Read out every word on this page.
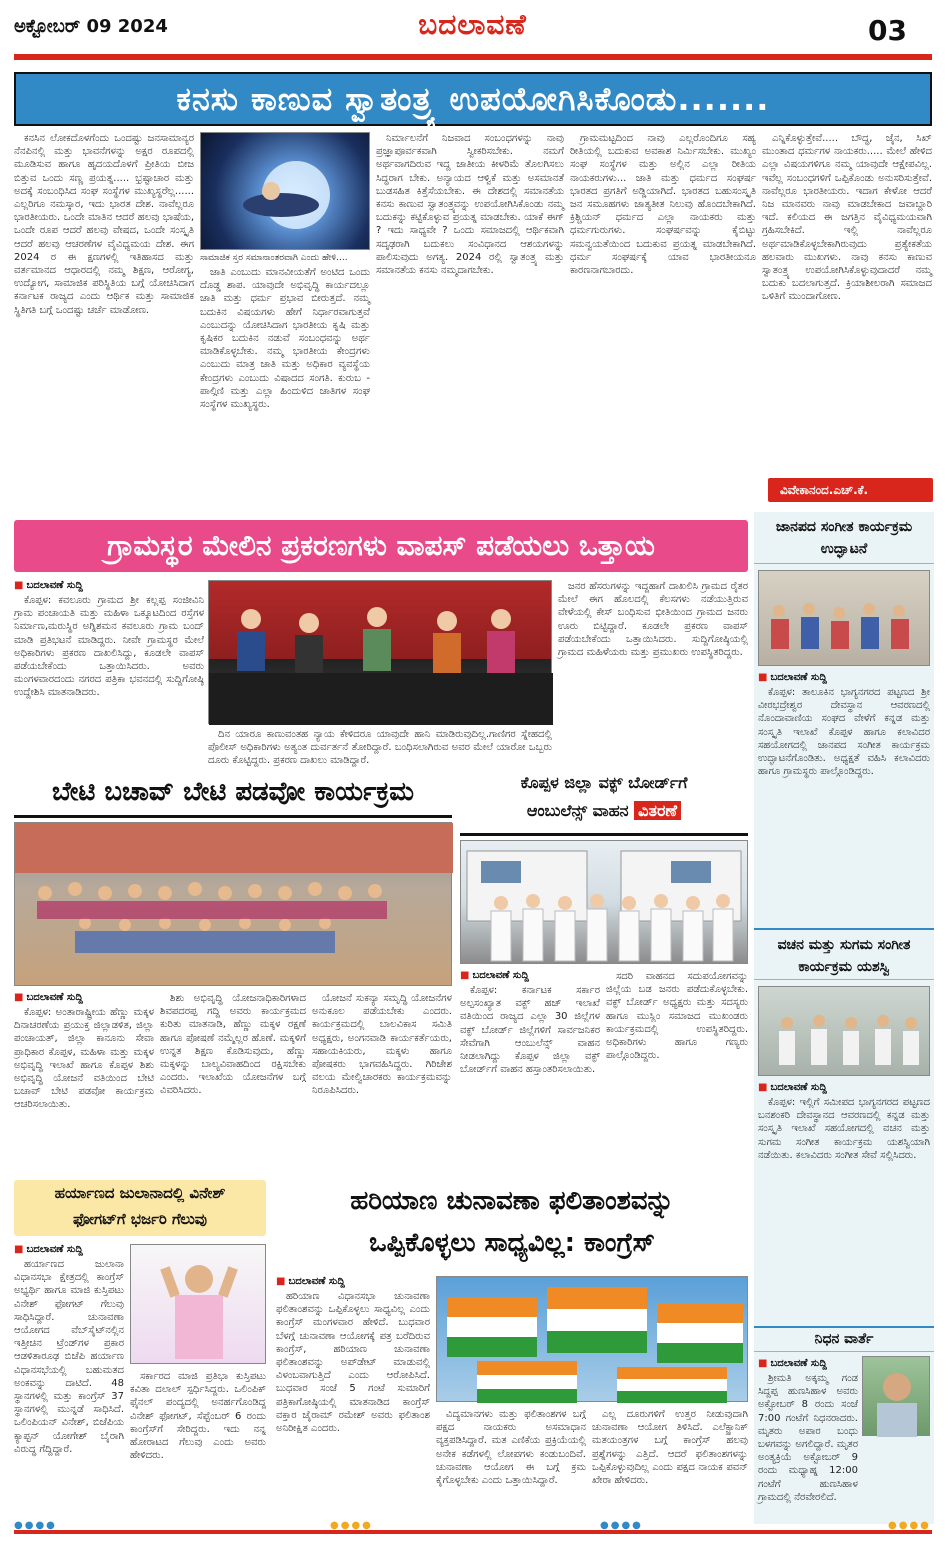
ಅಕ್ಟೋಬರ್ 09 2024	ಬದಲಾವಣೆ	03
ಕನಸು ಕಾಣುವ ಸ್ವಾತಂತ್ರ್ಯ ಉಪಯೋಗಿಸಿಕೊಂಡು.......

ಕನಸಿನ ಲೋಕದೊಳಗೆಂದು ಒಂದಷ್ಟು ಜನಸಾಮಾನ್ಯರ ನೆನಪಿನಲ್ಲಿ ಮತ್ತು ಭಾವನೆಗಳನ್ನು ಅಕ್ಷರ ರೂಪದಲ್ಲಿ ಮೂಡಿಸುವ ಹಾಗೂ ಹೃದಯದೊಳಗೆ ಪ್ರೀತಿಯ ಬೀಜ ಬಿತ್ತುವ ಒಂದು ಸಣ್ಣ ಪ್ರಯತ್ನ..... ಭ್ರಷ್ಟಾಚಾರ ಮತ್ತು ಅದಕ್ಕೆ ಸಂಬಂಧಿಸಿದ ಸಂಘ ಸಂಸ್ಥೆಗಳ ಮುಖ್ಯಸ್ಥರೆಲ್ಲ...... ಎಲ್ಲರಿಗೂ ನಮಸ್ಕಾರ, ಇದು ಭಾರತ ದೇಶ. ನಾವೆಲ್ಲರೂ ಭಾರತೀಯರು. ಒಂದೇ ಮಾತಿನ ಆದರೆ ಹಲವು ಭಾಷೆಯ, ಒಂದೇ ರೂಪ ಆದರೆ ಹಲವು ವೇಷದ, ಒಂದೇ ಸಂಸ್ಕೃತಿ ಆದರೆ ಹಲವು ಆಚರಣೆಗಳ ವೈವಿಧ್ಯಮಯ ದೇಶ. ಈಗ 2024 ರ ಈ ಕ್ಷಣಗಳಲ್ಲಿ ಇತಿಹಾಸದ ಮತ್ತು ವರ್ತಮಾನದ ಆಧಾರದಲ್ಲಿ ನಮ್ಮ ಶಿಕ್ಷಣ, ಆರೋಗ್ಯ, ಉದ್ಯೋಗ, ಸಾಮಾಜಿಕ ಪರಿಸ್ಥಿತಿಯ ಬಗ್ಗೆ ಯೋಚಿಸಿದಾಗ ಕರ್ನಾಟಕ ರಾಜ್ಯದ ಎಂದು ಆರ್ಥಿಕ ಮತ್ತು ಸಾಮಾಜಿಕ ಸ್ಥಿತಿಗತಿ ಬಗ್ಗೆ ಒಂದಷ್ಟು ಚರ್ಚೆ ಮಾಡೋಣ.

ಸಾಮಾಜಿಕ ಸ್ತರ ಸಮಾನಾಂತರವಾಗಿ ಎಂದು ಹೇಳಿ....

ಜಾತಿ ಎಂಬುದು ಮಾನವೀಯತೆಗೆ ಅಂಟಿದ ಒಂದು ದೊಡ್ಡ ಶಾಪ. ಯಾವುದೇ ಅಭಿವೃದ್ಧಿ ಕಾರ್ಯದಲ್ಲೂ ಜಾತಿ ಮತ್ತು ಧರ್ಮ ಪ್ರಭಾವ ಬೀರುತ್ತದೆ. ನಮ್ಮ ಬದುಕಿನ ವಿಷಯಗಳು ಹೇಗೆ ನಿರ್ಧಾರವಾಗುತ್ತವೆ ಎಂಬುದನ್ನು ಯೋಚಿಸಿದಾಗ ಭಾರತೀಯ ಕೃಷಿ ಮತ್ತು ಕೃಷಿಕರ ಬದುಕಿನ ನಡುವೆ ಸಂಬಂಧವನ್ನು ಅರ್ಥ ಮಾಡಿಕೊಳ್ಳಬೇಕು. ನಮ್ಮ ಭಾರತೀಯ ಕೇಂದ್ರಗಳು ಎಂಬುದು ಮಾತ್ರ ಜಾತಿ ಮತ್ತು ಅಧಿಕಾರ ವ್ಯವಸ್ಥೆಯ ಕೇಂದ್ರಗಳು ಎಂಬುದು ವಿಷಾದದ ಸಂಗತಿ. ಕುರುಬ - ಪಾಲ್ಗಿಣಿ ಮತ್ತು ಎಲ್ಲಾ ಹಿಂದುಳಿದ ಜಾತಿಗಳ ಸಂಘ ಸಂಸ್ಥೆಗಳ ಮುಖ್ಯಸ್ಥರು.

ನಿರ್ಮಾಲನೆಗೆ ನಿಜವಾದ ಸಂಬಂಧಗಳನ್ನು ನಾವು ಪ್ರಜ್ಞಾಪೂರ್ವಕವಾಗಿ ಸ್ವೀಕರಿಸಬೇಕು. ನಮಗೆ ಅರ್ಥವಾಗದಿರುವ ಇದ್ದ ಜಾತೀಯ ಕೀಳರಿಮೆ ತೊಲಗಿಸಲು ಸಿದ್ಧರಾಗ ಬೇಕು. ಅನ್ಯಾಯದ ಆಳ್ವಿಕೆ ಮತ್ತು ಅಸಮಾನತೆ ಬುಡಸಹಿತ ಕಿತ್ತೆಸೆಯಬೇಕು. ಈ ದೇಶದಲ್ಲಿ ಸಮಾನತೆಯ ಕನಸು ಕಾಣುವ ಸ್ವಾತಂತ್ರ್ಯವನ್ನು ಉಪಯೋಗಿಸಿಕೊಂಡು ನಮ್ಮ ಬದುಕನ್ನು ಕಟ್ಟಿಕೊಳ್ಳುವ ಪ್ರಯತ್ನ ಮಾಡಬೇಕು. ಯಾಕೆ ಈಗ್ ? ಇದು ಸಾಧ್ಯವೇ ? ಒಂದು ಸಮಾಜದಲ್ಲಿ ಆರ್ಥಿಕವಾಗಿ ಸದೃಢರಾಗಿ ಬದುಕಲು ಸಂವಿಧಾನದ ಆಶಯಗಳನ್ನು ಪಾಲಿಸುವುದು ಅಗತ್ಯ. 2024 ರಲ್ಲಿ ಸ್ವಾತಂತ್ರ್ಯ ಮತ್ತು ಸಮಾನತೆಯ ಕನಸು ನಮ್ಮದಾಗಬೇಕು.

ಗ್ರಾಮಮಟ್ಟದಿಂದ ನಾವು ಎಲ್ಲರೊಂದಿಗೂ ಸಹ್ಯ ರೀತಿಯಲ್ಲಿ ಬದುಕುವ ಅವಕಾಶ ನಿರ್ಮಿಸಬೇಕು. ಮುಖ್ಯಂ ಸಂಘ ಸಂಸ್ಥೆಗಳ ಮತ್ತು ಅಲ್ಲಿನ ಎಲ್ಲಾ ರೀತಿಯ ನಾಯಕರುಗಳು... ಜಾತಿ ಮತ್ತು ಧರ್ಮದ ಸಂಘರ್ಷ ಭಾರತದ ಪ್ರಗತಿಗೆ ಅಡ್ಡಿಯಾಗಿದೆ. ಭಾರತದ ಬಹುಸಂಸ್ಕೃತಿ ಜನ ಸಮೂಹಗಳು ಜಾತ್ಯತೀತ ನಿಲುವು ಹೊಂದಬೇಕಾಗಿದೆ. ಕ್ರಿಶ್ಚಿಯನ್ ಧರ್ಮದ ಎಲ್ಲಾ ನಾಯಕರು ಮತ್ತು ಧರ್ಮಗುರುಗಳು. ಸಂಘರ್ಷವನ್ನು ಕೈಬಿಟ್ಟು ಸಮನ್ವಯತೆಯಿಂದ ಬದುಕುವ ಪ್ರಯತ್ನ ಮಾಡಬೇಕಾಗಿದೆ. ಧರ್ಮ ಸಂಘರ್ಷಕ್ಕೆ ಯಾವ ಭಾರತೀಯನೂ ಕಾರಣನಾಗಬಾರದು.

ಎನ್ನಿಕೊಳ್ಳುತ್ತೇವೆ..... ಬೌದ್ಧ, ಜೈನ, ಸಿಖ್ ಮುಂತಾದ ಧರ್ಮಗಳ ನಾಯಕರು..... ಮೇಲೆ ಹೇಳಿದ ಎಲ್ಲಾ ವಿಷಯಗಳಿಗೂ ನಮ್ಮ ಯಾವುದೇ ಆಕ್ಷೇಪವಿಲ್ಲ. ಇವೆಲ್ಲ ಸಂಬಂಧಗಳಿಗೆ ಒಪ್ಪಿಕೊಂಡು ಅನುಸರಿಸುತ್ತೇವೆ. ನಾವೆಲ್ಲರೂ ಭಾರತೀಯರು. ಇದಾಗ ಕೇಳೋ ಆದರೆ ನಿಜ ಮಾನವರು ನಾವು ಮಾಡಬೇಕಾದ ಜವಾಬ್ದಾರಿ ಇದೆ. ಕಲಿಯದ ಈ ಜಗತ್ತಿನ ವೈವಿಧ್ಯಮಯವಾಗಿ ಗ್ರಹಿಸಬೇಕಿದೆ. ಇಲ್ಲಿ ನಾವೆಲ್ಲರೂ ಅರ್ಥಮಾಡಿಕೊಳ್ಳಬೇಕಾಗಿರುವುದು ಪ್ರತ್ಯೇಕತೆಯ ಹಲವಾರು ಮುಖಗಳು. ನಾವು ಕನಸು ಕಾಣುವ ಸ್ವಾತಂತ್ರ್ಯ ಉಪಯೋಗಿಸಿಕೊಳ್ಳುವುದಾದರೆ ನಮ್ಮ ಬದುಕು ಬದಲಾಗುತ್ತದೆ. ಕ್ರಿಯಾಶೀಲರಾಗಿ ಸಮಾಜದ ಒಳಿತಿಗೆ ಮುಂದಾಗೋಣ.

ವಿವೇಕಾನಂದ.ಎಚ್.ಕೆ.
ಗ್ರಾಮಸ್ಥರ ಮೇಲಿನ ಪ್ರಕರಣಗಳು ವಾಪಸ್ ಪಡೆಯಲು ಒತ್ತಾಯ
■ ಬದಲಾವಣೆ ಸುದ್ದಿ

ಕೊಪ್ಪಳ: ಕವಲೂರು ಗ್ರಾಮದ ಶ್ರೀ ಕಲ್ಲಪ್ಪ ಸಂಜೀವಿನಿ ಗ್ರಾಮ ಪಂಚಾಯತಿ ಮತ್ತು ಮಹಿಳಾ ಒಕ್ಕೂಟದಿಂದ ರಸ್ತೆಗಳ ನಿರ್ಮಾಣ,ಮರುಸ್ಥಿರ ಅಗ್ನಿಶಮನ ಕವಲೂರು ಗ್ರಾಮ ಬಂದ್ ಮಾಡಿ ಪ್ರತಿಭಟನೆ ಮಾಡಿದ್ದರು. ನೀವೇ ಗ್ರಾಮಸ್ಥರ ಮೇಲೆ ಅಧಿಕಾರಿಗಳು ಪ್ರಕರಣ ದಾಖಲಿಸಿದ್ದು, ಕೂಡಲೇ ವಾಪಸ್ ಪಡೆಯಬೇಕೆಂದು ಒತ್ತಾಯಿಸಿದರು. ಅವರು ಮಂಗಳವಾರದಂದು ನಗರದ ಪತ್ರಿಕಾ ಭವನದಲ್ಲಿ ಸುದ್ದಿಗೋಷ್ಠಿ ಉದ್ದೇಶಿಸಿ ಮಾತನಾಡಿದರು.

ದಿನ ಯಾರೂ ಕಾಣುವಂತಹ ನ್ಯಾಯ ಕೇಳಿದರೂ ಯಾವುದೇ ಹಾನಿ ಮಾಡಿರುವುದಿಲ್ಲ.ಗಾಣಿಗರ ಸ್ನೇಹದಲ್ಲಿ ಪೊಲೀಸ್ ಅಧಿಕಾರಿಗಳು ಅತ್ಯಂತ ದುರ್ವರ್ತನೆ ತೋರಿದ್ದಾರೆ. ಬಂಧಿಸಲಾಗಿರುವ ಅವರ ಮೇಲೆ ಯಾರೋ ಒಬ್ಬರು ದೂರು ಕೊಟ್ಟಿದ್ದರು. ಪ್ರಕರಣ ದಾಖಲು ಮಾಡಿದ್ದಾರೆ.

ಜನರ ಹೆಸರುಗಳನ್ನು ಇದ್ದಹಾಗೆ ದಾಖಲಿಸಿ ಗ್ರಾಮದ ರೈತರ ಮೇಲೆ ಈಗ ಹೊಲದಲ್ಲಿ ಕೆಲಸಗಳು ನಡೆಯುತ್ತಿರುವ ವೇಳೆಯಲ್ಲಿ ಕೇಸ್ ಬಂಧಿಸುವ ಭೀತಿಯಿಂದ ಗ್ರಾಮದ ಜನರು ಊರು ಬಿಟ್ಟಿದ್ದಾರೆ. ಕೂಡಲೇ ಪ್ರಕರಣ ವಾಪಸ್ ಪಡೆಯಬೇಕೆಂದು ಒತ್ತಾಯಿಸಿದರು. ಸುದ್ದಿಗೋಷ್ಠಿಯಲ್ಲಿ ಗ್ರಾಮದ ಮಹಿಳೆಯರು ಮತ್ತು ಪ್ರಮುಖರು ಉಪಸ್ಥಿತರಿದ್ದರು.

ಬೇಟಿ ಬಚಾವ್ ಬೇಟಿ ಪಡವೋ ಕಾರ್ಯಕ್ರಮ
■ ಬದಲಾವಣೆ ಸುದ್ದಿ

ಕೊಪ್ಪಳ: ಅಂತಾರಾಷ್ಟ್ರೀಯ ಹೆಣ್ಣು ಮಕ್ಕಳ ದಿನಾಚರಣೆಯ ಪ್ರಯುಕ್ತ ಜಿಲ್ಲಾಡಳಿತ, ಜಿಲ್ಲಾ ಪಂಚಾಯತ್, ಜಿಲ್ಲಾ ಕಾನೂನು ಸೇವಾ ಪ್ರಾಧಿಕಾರ ಕೊಪ್ಪಳ, ಮಹಿಳಾ ಮತ್ತು ಮಕ್ಕಳ ಅಭಿವೃದ್ಧಿ ಇಲಾಖೆ ಹಾಗೂ ಕೊಪ್ಪಳ ಶಿಶು ಅಭಿವೃದ್ಧಿ ಯೋಜನೆ ವತಿಯಿಂದ ಬೇಟಿ ಬಚಾವ್ ಬೇಟಿ ಪಡವೋ ಕಾರ್ಯಕ್ರಮ ಆಚರಿಸಲಾಯಿತು.

ಶಿಶು ಅಭಿವೃದ್ಧಿ ಯೋಜನಾಧಿಕಾರಿಗಳಾದ ಶಿವಪದರಪ್ಪ ಗದ್ದಿ ಅವರು ಕಾರ್ಯಕ್ರಮದ ಕುರಿತು ಮಾತನಾಡಿ, ಹೆಣ್ಣು ಮಕ್ಕಳ ರಕ್ಷಣೆ ಹಾಗೂ ಪೋಷಣೆ ನಮ್ಮೆಲ್ಲರ ಹೊಣೆ. ಮಕ್ಕಳಿಗೆ ಉನ್ನತ ಶಿಕ್ಷಣ ಕೊಡಿಸುವುದು, ಹೆಣ್ಣು ಮಕ್ಕಳನ್ನು ಬಾಲ್ಯವಿವಾಹದಿಂದ ರಕ್ಷಿಸಬೇಕು ಎಂದರು. ಇಲಾಖೆಯ ಯೋಜನೆಗಳ ಬಗ್ಗೆ ವಿವರಿಸಿದರು.

ಯೋಜನೆ ಸುಕನ್ಯಾ ಸಮೃದ್ಧಿ ಯೋಜನೆಗಳ ಅನುಕೂಲ ಪಡೆಯಬೇಕು ಎಂದರು. ಕಾರ್ಯಕ್ರಮದಲ್ಲಿ ಬಾಲವಿಕಾಸ ಸಮಿತಿ ಅಧ್ಯಕ್ಷರು, ಅಂಗನವಾಡಿ ಕಾರ್ಯಕರ್ತೆಯರು, ಸಹಾಯಕಿಯರು, ಮಕ್ಕಳು ಹಾಗೂ ಪೋಷಕರು ಭಾಗವಹಿಸಿದ್ದರು. ಗಿರಿಜೇಶ ವಲಯ ಮೇಲ್ವಿಚಾರಕರು ಕಾರ್ಯಕ್ರಮವನ್ನು ನಿರೂಪಿಸಿದರು.

ಕೊಪ್ಪಳ ಜಿಲ್ಲಾ ವಕ್ಫ್ ಬೋರ್ಡ್‌ಗೆ
ಆಂಬುಲೆನ್ಸ್ ವಾಹನ ವಿತರಣೆ
■ ಬದಲಾವಣೆ ಸುದ್ದಿ

ಕೊಪ್ಪಳ: ಕರ್ನಾಟಕ ಸರ್ಕಾರ ಅಲ್ಪಸಂಖ್ಯಾತ ವಕ್ಫ್ ಹಜ್ ಇಲಾಖೆ ವತಿಯಿಂದ ರಾಜ್ಯದ ಎಲ್ಲಾ 30 ಜಿಲ್ಲೆಗಳ ವಕ್ಫ್ ಬೋರ್ಡ್ ಜಿಲ್ಲೆಗಳಿಗೆ ಸಾರ್ವಜನಿಕರ ಸೇವೆಗಾಗಿ ಆಂಬುಲೆನ್ಸ್ ವಾಹನ ನೀಡಲಾಗಿದ್ದು ಕೊಪ್ಪಳ ಜಿಲ್ಲಾ ವಕ್ಫ್ ಬೋರ್ಡ್‌ಗೆ ವಾಹನ ಹಸ್ತಾಂತರಿಸಲಾಯಿತು.

ಸದರಿ ವಾಹನದ ಸದುಪಯೋಗವನ್ನು ಜಿಲ್ಲೆಯ ಬಡ ಜನರು ಪಡೆದುಕೊಳ್ಳಬೇಕು. ವಕ್ಫ್ ಬೋರ್ಡ್ ಅಧ್ಯಕ್ಷರು ಮತ್ತು ಸದಸ್ಯರು ಹಾಗೂ ಮುಸ್ಲಿಂ ಸಮಾಜದ ಮುಖಂಡರು ಕಾರ್ಯಕ್ರಮದಲ್ಲಿ ಉಪಸ್ಥಿತರಿದ್ದರು. ಅಧಿಕಾರಿಗಳು ಹಾಗೂ ಗಣ್ಯರು ಪಾಲ್ಗೊಂಡಿದ್ದರು.

ಹರ್ಯಾಣದ ಜುಲಾನಾದಲ್ಲಿ ವಿನೇಶ್
ಫೋಗಟ್‌ಗೆ ಭರ್ಜರಿ ಗೆಲುವು
■ ಬದಲಾವಣೆ ಸುದ್ದಿ

ಹರ್ಯಾಣದ ಜುಲಾನಾ ವಿಧಾನಸಭಾ ಕ್ಷೇತ್ರದಲ್ಲಿ ಕಾಂಗ್ರೆಸ್ ಅಭ್ಯರ್ಥಿ ಹಾಗೂ ಮಾಜಿ ಕುಸ್ತಿಪಟು ವಿನೇಶ್ ಫೋಗಟ್ ಗೆಲುವು ಸಾಧಿಸಿದ್ದಾರೆ. ಚುನಾವಣಾ ಆಯೋಗದ ವೆಬ್‌ಸೈಟ್‌ನಲ್ಲಿನ ಇತ್ತೀಚಿನ ಟ್ರೆಂಡ್‌ಗಳ ಪ್ರಕಾರ ಆಡಳಿತಾರೂಢ ಬಿಜೆಪಿ ಹರ್ಯಾಣ ವಿಧಾನಸಭೆಯಲ್ಲಿ ಬಹುಮತದ ಅಂಕವನ್ನು ದಾಟಿದೆ. 48 ಸ್ಥಾನಗಳಲ್ಲಿ ಮತ್ತು ಕಾಂಗ್ರೆಸ್ 37 ಸ್ಥಾನಗಳಲ್ಲಿ ಮುನ್ನಡೆ ಸಾಧಿಸಿದೆ. ಒಲಿಂಪಿಯನ್ ವಿನೇಶ್, ಬಿಜೆಪಿಯ ಕ್ಯಾಪ್ಟನ್ ಯೋಗೇಶ್ ಬೈರಾಗಿ ವಿರುದ್ಧ ಗೆದ್ದಿದ್ದಾರೆ.

ಸರ್ಕಾರದ ಮಾಜಿ ಪ್ರತಿಭಾ ಕುಸ್ತಿಪಟು ಕವಿತಾ ದಲಾಲ್ ಸ್ಪರ್ಧಿಸಿದ್ದರು. ಒಲಿಂಪಿಕ್ ಫೈನಲ್ ಪಂದ್ಯದಲ್ಲಿ ಅನರ್ಹಗೊಂಡಿದ್ದ ವಿನೇಶ್ ಫೋಗಟ್, ಸೆಪ್ಟೆಂಬರ್ 6 ರಂದು ಕಾಂಗ್ರೆಸ್‌ಗೆ ಸೇರಿದ್ದರು. ಇದು ನನ್ನ ಹೋರಾಟದ ಗೆಲುವು ಎಂದು ಅವರು ಹೇಳಿದರು.

ಹರಿಯಾಣ ಚುನಾವಣಾ ಫಲಿತಾಂಶವನ್ನು
ಒಪ್ಪಿಕೊಳ್ಳಲು ಸಾಧ್ಯವಿಲ್ಲ: ಕಾಂಗ್ರೆಸ್
■ ಬದಲಾವಣೆ ಸುದ್ದಿ

ಹರಿಯಾಣ ವಿಧಾನಸಭಾ ಚುನಾವಣಾ ಫಲಿತಾಂಶವನ್ನು ಒಪ್ಪಿಕೊಳ್ಳಲು ಸಾಧ್ಯವಿಲ್ಲ ಎಂದು ಕಾಂಗ್ರೆಸ್ ಮಂಗಳವಾರ ಹೇಳಿದೆ. ಬುಧವಾರ ಬೆಳಗ್ಗೆ ಚುನಾವಣಾ ಆಯೋಗಕ್ಕೆ ಪತ್ರ ಬರೆದಿರುವ ಕಾಂಗ್ರೆಸ್, ಹರಿಯಾಣ ಚುನಾವಣಾ ಫಲಿತಾಂಶವನ್ನು ಅಪ್‌ಡೇಟ್ ಮಾಡುವಲ್ಲಿ ವಿಳಂಬವಾಗುತ್ತಿದೆ ಎಂದು ಆರೋಪಿಸಿದೆ. ಬುಧವಾರ ಸಂಜೆ 5 ಗಂಟೆ ಸುಮಾರಿಗೆ ಪತ್ರಿಕಾಗೋಷ್ಠಿಯಲ್ಲಿ ಮಾತನಾಡಿದ ಕಾಂಗ್ರೆಸ್ ವಕ್ತಾರ ಜೈರಾಮ್ ರಮೇಶ್ ಅವರು ಫಲಿತಾಂಶ ಅನಿರೀಕ್ಷಿತ ಎಂದರು.

ವಿದ್ಯಮಾನಗಳು ಮತ್ತು ಫಲಿತಾಂಶಗಳ ಬಗ್ಗೆ ಪಕ್ಷದ ನಾಯಕರು ಅಸಮಾಧಾನ ವ್ಯಕ್ತಪಡಿಸಿದ್ದಾರೆ. ಮತ ಎಣಿಕೆಯ ಪ್ರಕ್ರಿಯೆಯಲ್ಲಿ ಅನೇಕ ಕಡೆಗಳಲ್ಲಿ ಲೋಪಗಳು ಕಂಡುಬಂದಿವೆ. ಚುನಾವಣಾ ಆಯೋಗ ಈ ಬಗ್ಗೆ ಕ್ರಮ ಕೈಗೊಳ್ಳಬೇಕು ಎಂದು ಒತ್ತಾಯಿಸಿದ್ದಾರೆ.

ಎಲ್ಲ ದೂರುಗಳಿಗೆ ಉತ್ತರ ನೀಡುವುದಾಗಿ ಚುನಾವಣಾ ಆಯೋಗ ತಿಳಿಸಿದೆ. ಎಲೆಕ್ಟ್ರಾನಿಕ್ ಮತಯಂತ್ರಗಳ ಬಗ್ಗೆ ಕಾಂಗ್ರೆಸ್ ಹಲವು ಪ್ರಶ್ನೆಗಳನ್ನು ಎತ್ತಿದೆ. ಆದರೆ ಫಲಿತಾಂಶಗಳನ್ನು ಒಪ್ಪಿಕೊಳ್ಳುವುದಿಲ್ಲ ಎಂದು ಪಕ್ಷದ ನಾಯಕ ಪವನ್ ಖೇರಾ ಹೇಳಿದರು.

ಜಾನಪದ ಸಂಗೀತ ಕಾರ್ಯಕ್ರಮ ಉದ್ಘಾಟನೆ
■ ಬದಲಾವಣೆ ಸುದ್ದಿ

ಕೊಪ್ಪಳ: ತಾಲೂಕಿನ ಭಾಗ್ಯನಗರದ ಪಟ್ಟಣದ ಶ್ರೀ ವೀರಭದ್ರೇಶ್ವರ ದೇವಸ್ಥಾನ ಆವರಣದಲ್ಲಿ ನೊಂದಾವಾಣಿಯ ಸಂಘದ ವೇಳೆಗೆ ಕನ್ನಡ ಮತ್ತು ಸಂಸ್ಕೃತಿ ಇಲಾಖೆ ಕೊಪ್ಪಳ ಹಾಗೂ ಕಲಾವಿದರ ಸಹಯೋಗದಲ್ಲಿ ಜಾನಪದ ಸಂಗೀತ ಕಾರ್ಯಕ್ರಮ ಉದ್ಘಾಟನೆಗೊಂಡಿತು. ಅಧ್ಯಕ್ಷತೆ ವಹಿಸಿ ಕಲಾವಿದರು ಹಾಗೂ ಗ್ರಾಮಸ್ಥರು ಪಾಲ್ಗೊಂಡಿದ್ದರು.

ವಚನ ಮತ್ತು ಸುಗಮ ಸಂಗೀತ ಕಾರ್ಯಕ್ರಮ ಯಶಸ್ವಿ
■ ಬದಲಾವಣೆ ಸುದ್ದಿ

ಕೊಪ್ಪಳ: ಇಲ್ಲಿಗೆ ಸಮೀಪದ ಭಾಗ್ಯನಗರದ ಪಟ್ಟಣದ ಬನಶಂಕರಿ ದೇವಸ್ಥಾನದ ಆವರಣದಲ್ಲಿ ಕನ್ನಡ ಮತ್ತು ಸಂಸ್ಕೃತಿ ಇಲಾಖೆ ಸಹಯೋಗದಲ್ಲಿ ವಚನ ಮತ್ತು ಸುಗಮ ಸಂಗೀತ ಕಾರ್ಯಕ್ರಮ ಯಶಸ್ವಿಯಾಗಿ ನಡೆಯಿತು. ಕಲಾವಿದರು ಸಂಗೀತ ಸೇವೆ ಸಲ್ಲಿಸಿದರು.

ನಿಧನ ವಾರ್ತೆ
■ ಬದಲಾವಣೆ ಸುದ್ದಿ

ಶ್ರೀಮತಿ ಅಕ್ಕಮ್ಮ ಗಂಡ ಸಿದ್ದಪ್ಪ ಹುಣಸಿಹಾಳ ಅವರು ಅಕ್ಟೋಬರ್ 8 ರಂದು ಸಂಜೆ 7:00 ಗಂಟೆಗೆ ನಿಧನರಾದರು. ಮೃತರು ಅಪಾರ ಬಂಧು ಬಳಗವನ್ನು ಅಗಲಿದ್ದಾರೆ. ಮೃತರ ಅಂತ್ಯಕ್ರಿಯೆ ಅಕ್ಟೋಬರ್ 9 ರಂದು ಮಧ್ಯಾಹ್ನ 12:00 ಗಂಟೆಗೆ ಹುಣಸಿಹಾಳ ಗ್ರಾಮದಲ್ಲಿ ನೆರವೇರಲಿದೆ.

●●●●	●●●●	●●●●	●●●●
